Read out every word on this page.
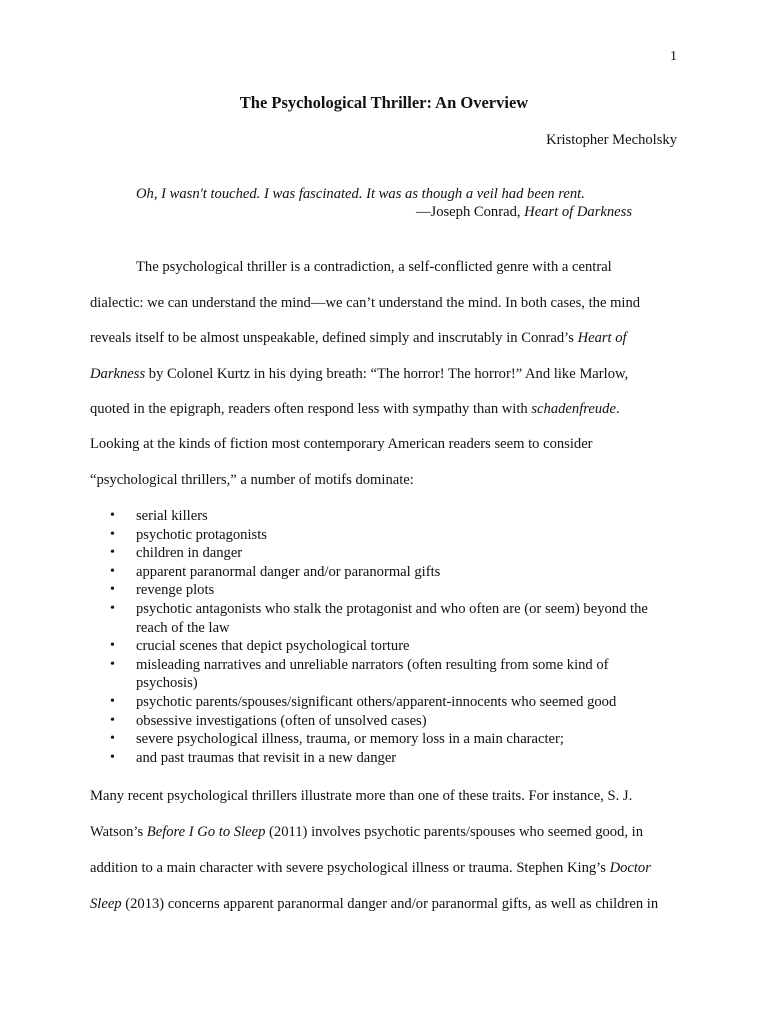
1
The Psychological Thriller: An Overview
Kristopher Mecholsky
Oh, I wasn't touched. I was fascinated. It was as though a veil had been rent.
—Joseph Conrad, Heart of Darkness
The psychological thriller is a contradiction, a self-conflicted genre with a central
dialectic: we can understand the mind—we can’t understand the mind. In both cases, the mind
reveals itself to be almost unspeakable, defined simply and inscrutably in Conrad’s Heart of
Darkness by Colonel Kurtz in his dying breath: “The horror! The horror!” And like Marlow,
quoted in the epigraph, readers often respond less with sympathy than with schadenfreude.
Looking at the kinds of fiction most contemporary American readers seem to consider
“psychological thrillers,” a number of motifs dominate:
• serial killers
• psychotic protagonists
• children in danger
• apparent paranormal danger and/or paranormal gifts
• revenge plots
• psychotic antagonists who stalk the protagonist and who often are (or seem) beyond the
reach of the law
• crucial scenes that depict psychological torture
• misleading narratives and unreliable narrators (often resulting from some kind of
psychosis)
• psychotic parents/spouses/significant others/apparent-innocents who seemed good
• obsessive investigations (often of unsolved cases)
• severe psychological illness, trauma, or memory loss in a main character;
• and past traumas that revisit in a new danger
Many recent psychological thrillers illustrate more than one of these traits. For instance, S. J.
Watson’s Before I Go to Sleep (2011) involves psychotic parents/spouses who seemed good, in
addition to a main character with severe psychological illness or trauma. Stephen King’s Doctor
Sleep (2013) concerns apparent paranormal danger and/or paranormal gifts, as well as children in
